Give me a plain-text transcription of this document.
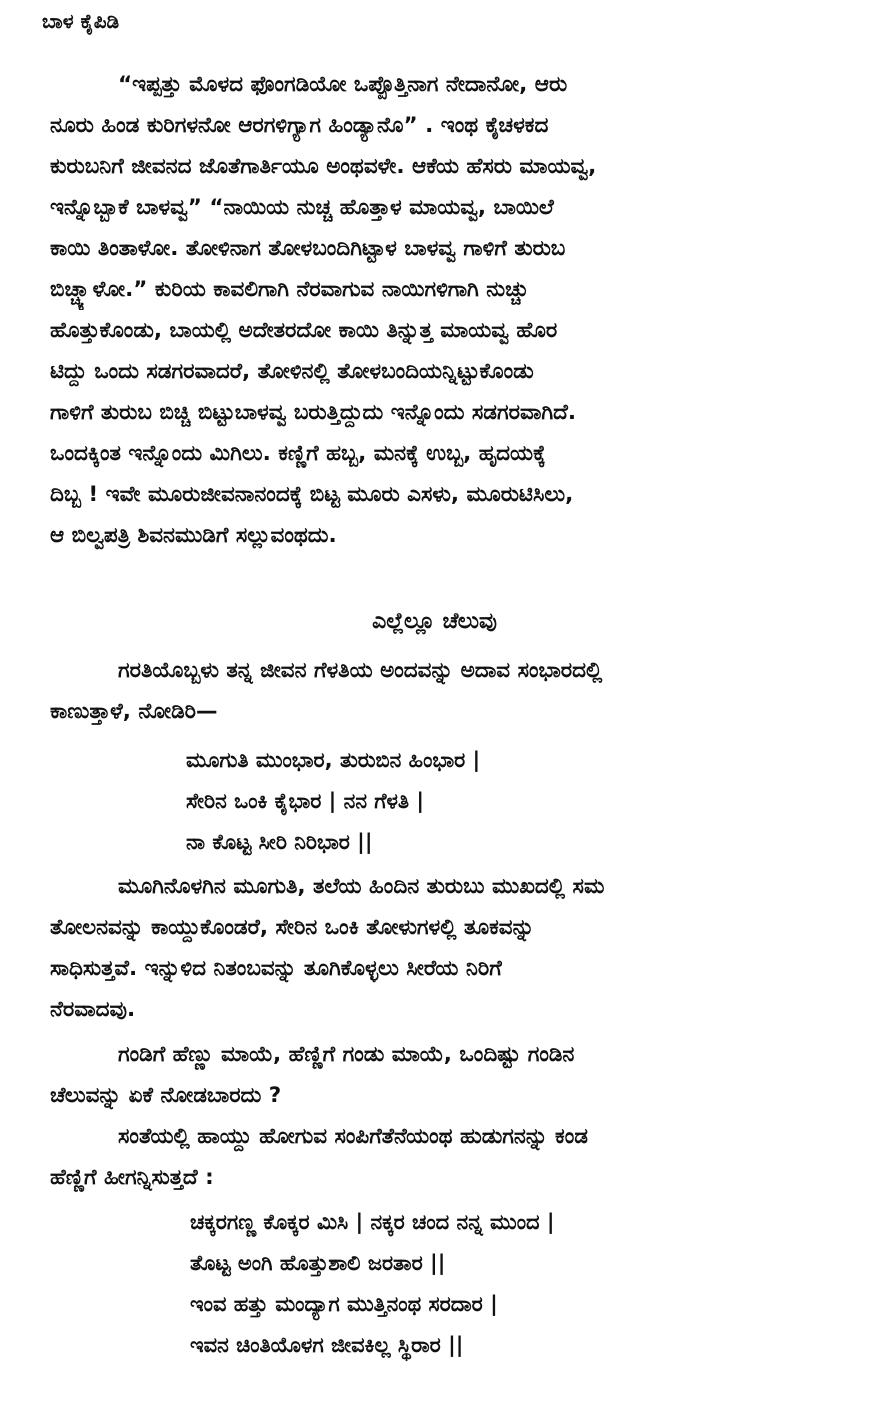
ಬಾಳ ಕೈಪಿಡಿ
“ಇಪ್ಪತ್ತು ಮೊಳದ ಫೊಂಗಡಿಯೋ ಒಪ್ಪೊತ್ತಿನಾಗ ನೇದಾನೋ, ಆರು
ನೂರು ಹಿಂಡ ಕುರಿಗಳನೋ ಆರಗಳಿಗ್ಯಾಗ ಹಿಂಡ್ಯಾನೊ” . ಇಂಥ ಕೈಚಳಕದ
ಕುರುಬನಿಗೆ ಜೀವನದ ಜೊತೆಗಾರ್ತಿಯೂ ಅಂಥವಳೇ. ಆಕೆಯ ಹೆಸರು ಮಾಯವ್ವ,
ಇನ್ನೊಬ್ಬಾಕೆ ಬಾಳವ್ವ” “ನಾಯಿಯ ನುಚ್ಚ ಹೊತ್ತಾಳ ಮಾಯವ್ವ, ಬಾಯಿಲೆ
ಕಾಯಿ ತಿಂತಾಳೋ. ತೋಳಿನಾಗ ತೋಳಬಂದಿಗಿಟ್ಟಾಳ ಬಾಳವ್ವ ಗಾಳಿಗೆ ತುರುಬ
ಬಿಚ್ಚ್ಯಾಳೋ.” ಕುರಿಯ ಕಾವಲಿಗಾಗಿ ನೆರವಾಗುವ ನಾಯಿಗಳಿಗಾಗಿ ನುಚ್ಚು
ಹೊತ್ತುಕೊಂಡು, ಬಾಯಲ್ಲಿ ಅದೇತರದೋ ಕಾಯಿ ತಿನ್ನುತ್ತ ಮಾಯವ್ವ ಹೊರ
ಟಿದ್ದು ಒಂದು ಸಡಗರವಾದರೆ, ತೋಳಿನಲ್ಲಿ ತೋಳಬಂದಿಯನ್ನಿಟ್ಟುಕೊಂಡು
ಗಾಳಿಗೆ ತುರುಬ ಬಿಚ್ಚಿ ಬಿಟ್ಟುಬಾಳವ್ವ ಬರುತ್ತಿದ್ದುದು ಇನ್ನೊಂದು ಸಡಗರವಾಗಿದೆ.
ಒಂದಕ್ಕಿಂತ ಇನ್ನೊಂದು ಮಿಗಿಲು. ಕಣ್ಣಿಗೆ ಹಬ್ಬ, ಮನಕ್ಕೆ ಉಬ್ಬ, ಹೃದಯಕ್ಕೆ
ದಿಬ್ಬ ! ಇವೇ ಮೂರುಜೀವನಾನಂದಕ್ಕೆ ಬಿಟ್ಟ ಮೂರು ಎಸಳು, ಮೂರುಟಿಸಿಲು,
ಆ ಬಿಲ್ವಪತ್ರಿ ಶಿವನಮುಡಿಗೆ ಸಲ್ಲುವಂಥದು.
ಎಲ್ಲೆಲ್ಲೂ ಚೆಲುವು
ಗರತಿಯೊಬ್ಬಳು ತನ್ನ ಜೀವನ ಗೆಳತಿಯ ಅಂದವನ್ನು ಅದಾವ ಸಂಭಾರದಲ್ಲಿ
ಕಾಣುತ್ತಾಳೆ, ನೋಡಿರಿ—
ಮೂಗುತಿ ಮುಂಭಾರ, ತುರುಬಿನ ಹಿಂಭಾರ |
ಸೇರಿನ ಒಂಕಿ ಕೈಭಾರ | ನನ ಗೆಳತಿ |
ನಾ ಕೊಟ್ಟ ಸೀರಿ ನಿರಿಭಾರ ||
ಮೂಗಿನೊಳಗಿನ ಮೂಗುತಿ, ತಲೆಯ ಹಿಂದಿನ ತುರುಬು ಮುಖದಲ್ಲಿ ಸಮ
ತೋಲನವನ್ನು ಕಾಯ್ದುಕೊಂಡರೆ, ಸೇರಿನ ಒಂಕಿ ತೋಳುಗಳಲ್ಲಿ ತೂಕವನ್ನು
ಸಾಧಿಸುತ್ತವೆ. ಇನ್ನುಳಿದ ನಿತಂಬವನ್ನು ತೂಗಿಕೊಳ್ಳಲು ಸೀರೆಯ ನಿರಿಗೆ
ನೆರವಾದವು.
ಗಂಡಿಗೆ ಹೆಣ್ಣು ಮಾಯೆ, ಹೆಣ್ಣಿಗೆ ಗಂಡು ಮಾಯೆ, ಒಂದಿಷ್ಟು ಗಂಡಿನ
ಚೆಲುವನ್ನು ಏಕೆ ನೋಡಬಾರದು ?
ಸಂತೆಯಲ್ಲಿ ಹಾಯ್ದು ಹೋಗುವ ಸಂಪಿಗೆತೆನೆಯಂಥ ಹುಡುಗನನ್ನು ಕಂಡ
ಹೆಣ್ಣಿಗೆ ಹೀಗನ್ನಿಸುತ್ತದೆ :
ಚಕ್ಕರಗಣ್ಣ ಕೊಕ್ಕರ ಮಿಸಿ | ನಕ್ಕರ ಚಂದ ನನ್ನ ಮುಂದ |
ತೊಟ್ಟ ಅಂಗಿ ಹೊತ್ತುಶಾಲಿ ಜರತಾರ ||
ಇಂವ ಹತ್ತು ಮಂದ್ಯಾಗ ಮುತ್ತಿನಂಥ ಸರದಾರ |
ಇವನ ಚಿಂತಿಯೊಳಗ ಜೀವಕಿಲ್ಲ ಸ್ಥಿರಾರ ||
